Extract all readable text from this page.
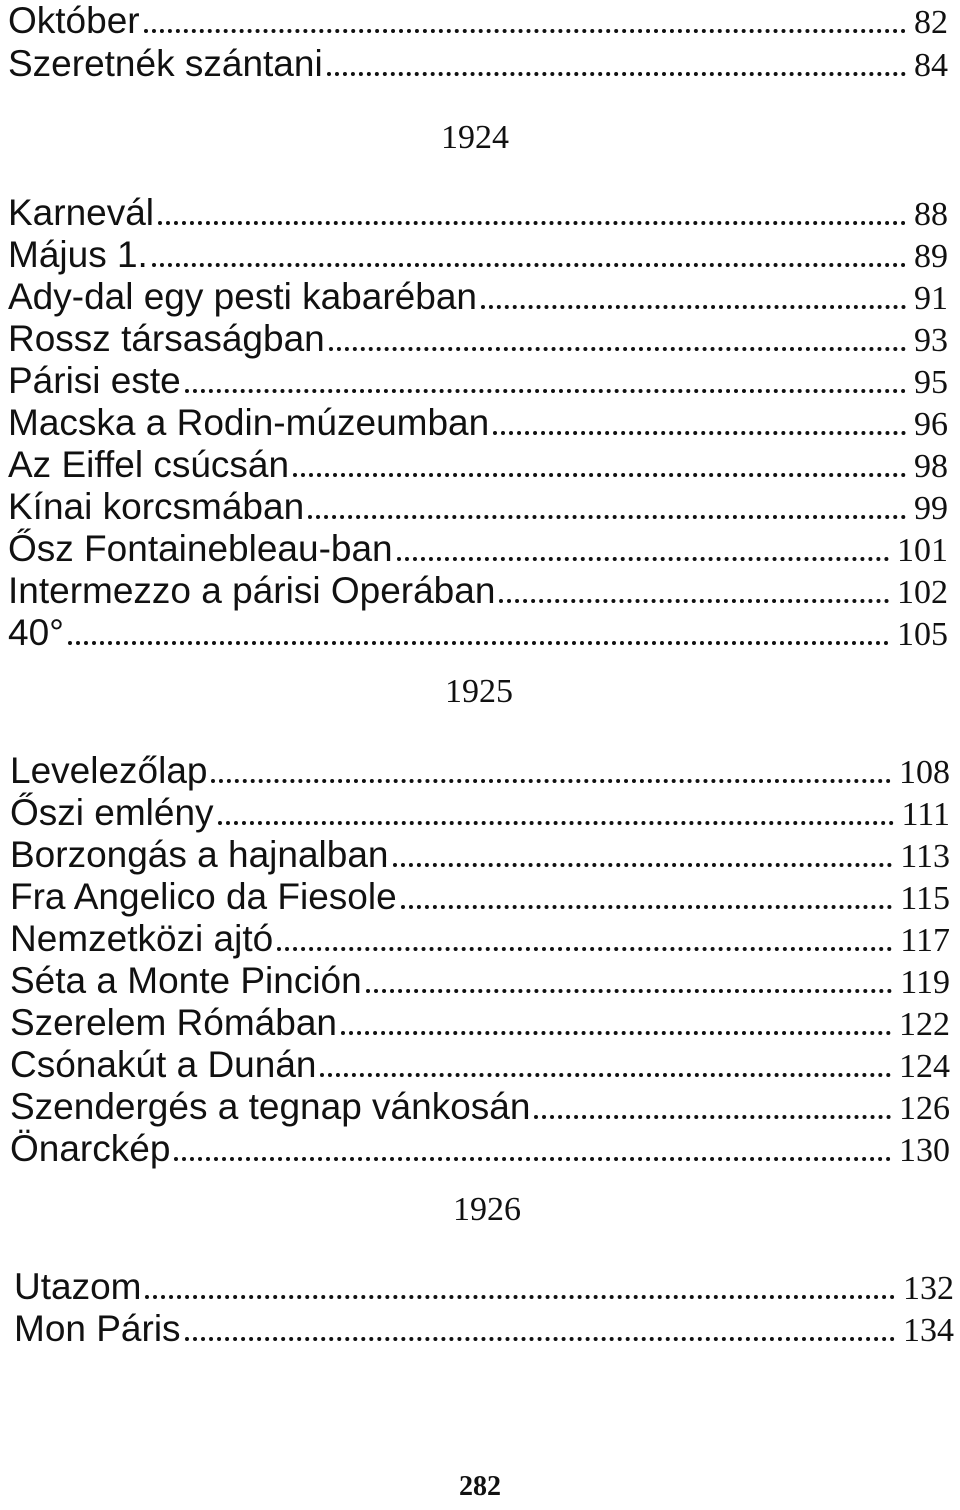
Október	82
Szeretnék szántani	84
1924
Karnevál	88
Május 1.	89
Ady-dal egy pesti kabaréban	91
Rossz társaságban	93
Párisi este	95
Macska a Rodin-múzeumban	96
Az Eiffel csúcsán	98
Kínai korcsmában	99
Ősz Fontainebleau-ban	101
Intermezzo a párisi Operában	102
40°	105
1925
Levelezőlap	108
Őszi emlény	111
Borzongás a hajnalban	113
Fra Angelico da Fiesole	115
Nemzetközi ajtó	117
Séta a Monte Pinción	119
Szerelem Rómában	122
Csónakút a Dunán	124
Szendergés a tegnap vánkosán	126
Önarckép	130
1926
Utazom	132
Mon Páris	134
282
